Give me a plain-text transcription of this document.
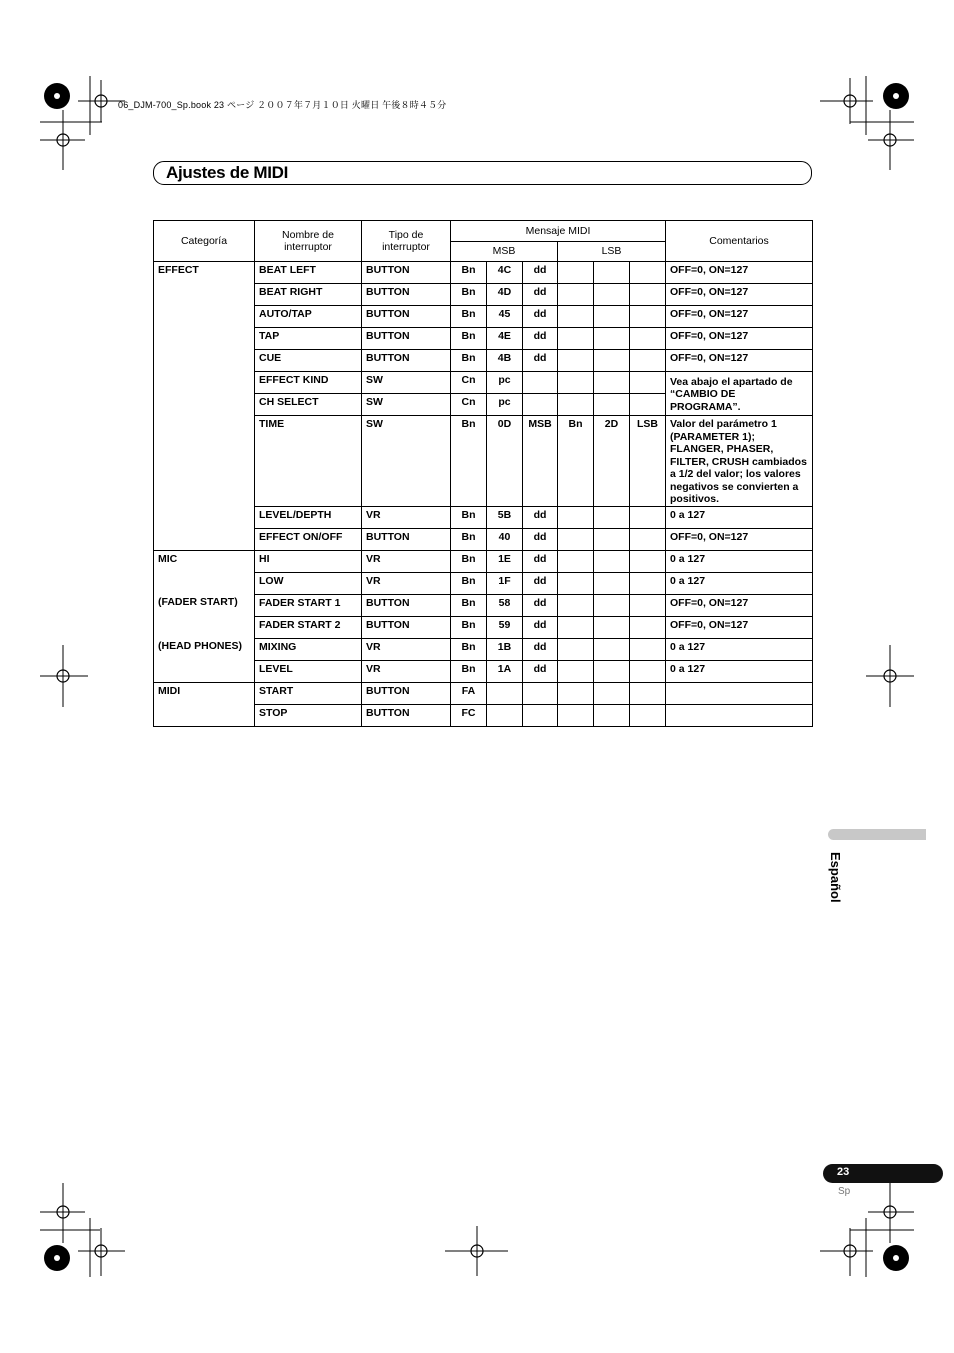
06_DJM-700_Sp.book 23 ページ ２００７年７月１０日 火曜日 午後８時４５分
Ajustes de MIDI
Categoría	Nombre de interruptor	Tipo de interruptor	Mensaje MIDI						Comentarios
			MSB			LSB			
EFFECT	BEAT LEFT	BUTTON	Bn	4C	dd				OFF=0, ON=127
	BEAT RIGHT	BUTTON	Bn	4D	dd				OFF=0, ON=127
	AUTO/TAP	BUTTON	Bn	45	dd				OFF=0, ON=127
	TAP	BUTTON	Bn	4E	dd				OFF=0, ON=127
	CUE	BUTTON	Bn	4B	dd				OFF=0, ON=127
	EFFECT KIND	SW	Cn	pc					Vea abajo el apartado de “CAMBIO DE PROGRAMA”.
	CH SELECT	SW	Cn	pc					
	TIME	SW	Bn	0D	MSB	Bn	2D	LSB	Valor del parámetro 1 (PARAMETER 1); FLANGER, PHASER, FILTER, CRUSH cambiados a 1/2 del valor; los valores negativos se convierten a positivos.
	LEVEL/DEPTH	VR	Bn	5B	dd				0 a 127
	EFFECT ON/OFF	BUTTON	Bn	40	dd				OFF=0, ON=127
MIC	HI	VR	Bn	1E	dd				0 a 127
	LOW	VR	Bn	1F	dd				0 a 127
(FADER START)	FADER START 1	BUTTON	Bn	58	dd				OFF=0, ON=127
	FADER START 2	BUTTON	Bn	59	dd				OFF=0, ON=127
(HEAD PHONES)	MIXING	VR	Bn	1B	dd				0 a 127
	LEVEL	VR	Bn	1A	dd				0 a 127
MIDI	START	BUTTON	FA						
	STOP	BUTTON	FC						
Español
23
Sp
